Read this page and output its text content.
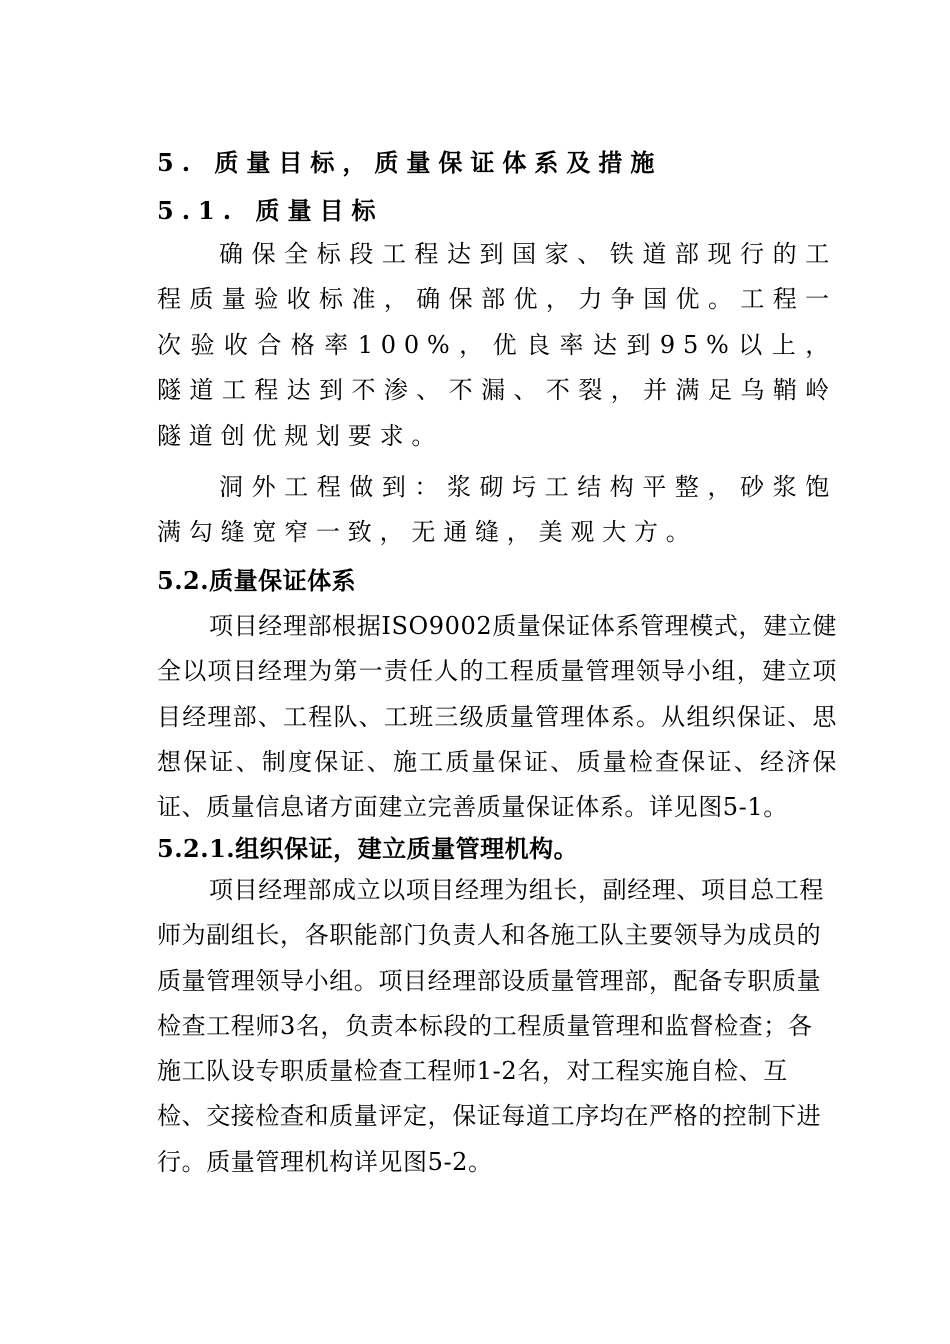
5. 质量目标，质量保证体系及措施
5.1. 质量目标

确保全标段工程达到国家、铁道部现行的工程质量验收标准，确保部优，力争国优。工程一次验收合格率100%，优良率达到95%以上，隧道工程达到不渗、不漏、不裂，并满足乌鞘岭隧道创优规划要求。

洞外工程做到：浆砌圬工结构平整，砂浆饱满勾缝宽窄一致，无通缝，美观大方。

5.2.质量保证体系

项目经理部根据ISO9002质量保证体系管理模式，建立健全以项目经理为第一责任人的工程质量管理领导小组，建立项目经理部、工程队、工班三级质量管理体系。从组织保证、思想保证、制度保证、施工质量保证、质量检查保证、经济保证、质量信息诸方面建立完善质量保证体系。详见图5-1。

5.2.1.组织保证，建立质量管理机构。

项目经理部成立以项目经理为组长，副经理、项目总工程师为副组长，各职能部门负责人和各施工队主要领导为成员的质量管理领导小组。项目经理部设质量管理部，配备专职质量检查工程师3名，负责本标段的工程质量管理和监督检查；各施工队设专职质量检查工程师1-2名，对工程实施自检、互检、交接检查和质量评定，保证每道工序均在严格的控制下进行。质量管理机构详见图5-2。
